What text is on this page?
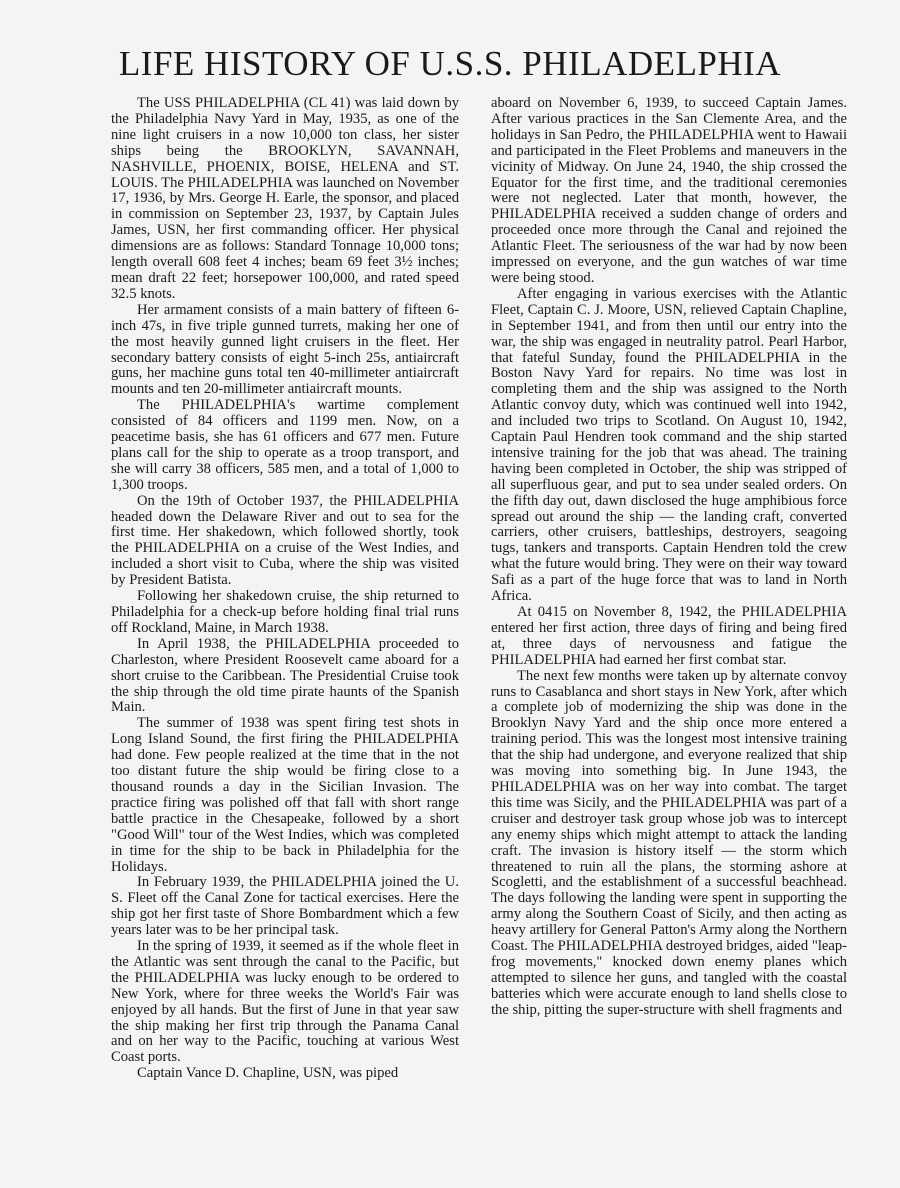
LIFE HISTORY OF U.S.S. PHILADELPHIA

The USS PHILADELPHIA (CL 41) was laid down by the Philadelphia Navy Yard in May, 1935, as one of the nine light cruisers in a now 10,000 ton class, her sister ships being the BROOKLYN, SAVANNAH, NASHVILLE, PHOENIX, BOISE, HELENA and ST. LOUIS. The PHILADELPHIA was launched on November 17, 1936, by Mrs. George H. Earle, the sponsor, and placed in commission on September 23, 1937, by Captain Jules James, USN, her first commanding officer. Her physical dimensions are as follows: Standard Tonnage 10,000 tons; length overall 608 feet 4 inches; beam 69 feet 3½ inches; mean draft 22 feet; horsepower 100,000, and rated speed 32.5 knots.

Her armament consists of a main battery of fifteen 6-inch 47s, in five triple gunned turrets, making her one of the most heavily gunned light cruisers in the fleet. Her secondary battery consists of eight 5-inch 25s, antiaircraft guns, her machine guns total ten 40-millimeter antiaircraft mounts and ten 20-millimeter antiaircraft mounts.

The PHILADELPHIA's wartime complement consisted of 84 officers and 1199 men. Now, on a peacetime basis, she has 61 officers and 677 men. Future plans call for the ship to operate as a troop transport, and she will carry 38 officers, 585 men, and a total of 1,000 to 1,300 troops.

On the 19th of October 1937, the PHILADELPHIA headed down the Delaware River and out to sea for the first time. Her shakedown, which followed shortly, took the PHILADELPHIA on a cruise of the West Indies, and included a short visit to Cuba, where the ship was visited by President Batista.

Following her shakedown cruise, the ship returned to Philadelphia for a check-up before holding final trial runs off Rockland, Maine, in March 1938.

In April 1938, the PHILADELPHIA proceeded to Charleston, where President Roosevelt came aboard for a short cruise to the Caribbean. The Presidential Cruise took the ship through the old time pirate haunts of the Spanish Main.

The summer of 1938 was spent firing test shots in Long Island Sound, the first firing the PHILADELPHIA had done. Few people realized at the time that in the not too distant future the ship would be firing close to a thousand rounds a day in the Sicilian Invasion. The practice firing was polished off that fall with short range battle practice in the Chesapeake, followed by a short "Good Will" tour of the West Indies, which was completed in time for the ship to be back in Philadelphia for the Holidays.

In February 1939, the PHILADELPHIA joined the U. S. Fleet off the Canal Zone for tactical exercises. Here the ship got her first taste of Shore Bombardment which a few years later was to be her principal task.

In the spring of 1939, it seemed as if the whole fleet in the Atlantic was sent through the canal to the Pacific, but the PHILADELPHIA was lucky enough to be ordered to New York, where for three weeks the World's Fair was enjoyed by all hands. But the first of June in that year saw the ship making her first trip through the Panama Canal and on her way to the Pacific, touching at various West Coast ports.

Captain Vance D. Chapline, USN, was piped

aboard on November 6, 1939, to succeed Captain James. After various practices in the San Clemente Area, and the holidays in San Pedro, the PHILADELPHIA went to Hawaii and participated in the Fleet Problems and maneuvers in the vicinity of Midway. On June 24, 1940, the ship crossed the Equator for the first time, and the traditional ceremonies were not neglected. Later that month, however, the PHILADELPHIA received a sudden change of orders and proceeded once more through the Canal and rejoined the Atlantic Fleet. The seriousness of the war had by now been impressed on everyone, and the gun watches of war time were being stood.

After engaging in various exercises with the Atlantic Fleet, Captain C. J. Moore, USN, relieved Captain Chapline, in September 1941, and from then until our entry into the war, the ship was engaged in neutrality patrol. Pearl Harbor, that fateful Sunday, found the PHILADELPHIA in the Boston Navy Yard for repairs. No time was lost in completing them and the ship was assigned to the North Atlantic convoy duty, which was continued well into 1942, and included two trips to Scotland. On August 10, 1942, Captain Paul Hendren took command and the ship started intensive training for the job that was ahead. The training having been completed in October, the ship was stripped of all superfluous gear, and put to sea under sealed orders. On the fifth day out, dawn disclosed the huge amphibious force spread out around the ship — the landing craft, converted carriers, other cruisers, battleships, destroyers, seagoing tugs, tankers and transports. Captain Hendren told the crew what the future would bring. They were on their way toward Safi as a part of the huge force that was to land in North Africa.

At 0415 on November 8, 1942, the PHILADELPHIA entered her first action, three days of firing and being fired at, three days of nervousness and fatigue the PHILADELPHIA had earned her first combat star.

The next few months were taken up by alternate convoy runs to Casablanca and short stays in New York, after which a complete job of modernizing the ship was done in the Brooklyn Navy Yard and the ship once more entered a training period. This was the longest most intensive training that the ship had undergone, and everyone realized that ship was moving into something big. In June 1943, the PHILADELPHIA was on her way into combat. The target this time was Sicily, and the PHILADELPHIA was part of a cruiser and destroyer task group whose job was to intercept any enemy ships which might attempt to attack the landing craft. The invasion is history itself — the storm which threatened to ruin all the plans, the storming ashore at Scogletti, and the establishment of a successful beachhead. The days following the landing were spent in supporting the army along the Southern Coast of Sicily, and then acting as heavy artillery for General Patton's Army along the Northern Coast. The PHILADELPHIA destroyed bridges, aided "leap-frog movements," knocked down enemy planes which attempted to silence her guns, and tangled with the coastal batteries which were accurate enough to land shells close to the ship, pitting the super-structure with shell fragments and
